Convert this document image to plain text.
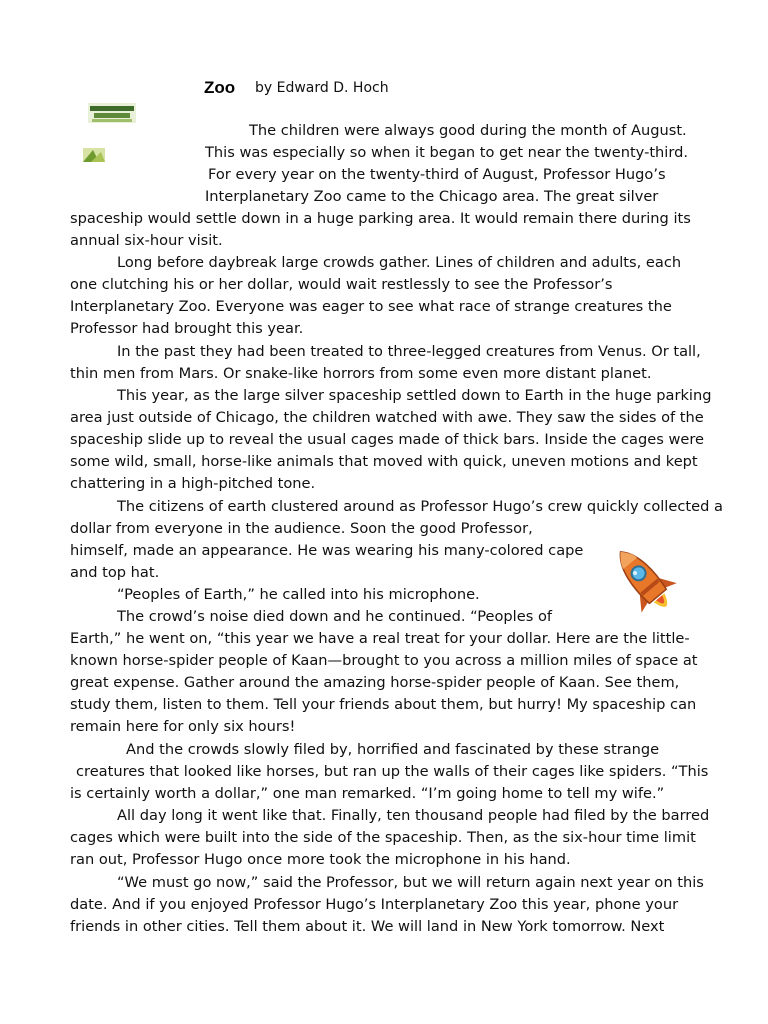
Zoo by Edward D. Hoch
The children were always good during the month of August.
This was especially so when it began to get near the twenty-third.
For every year on the twenty-third of August, Professor Hugo’s
Interplanetary Zoo came to the Chicago area. The great silver
spaceship would settle down in a huge parking area. It would remain there during its
annual six-hour visit.
Long before daybreak large crowds gather. Lines of children and adults, each
one clutching his or her dollar, would wait restlessly to see the Professor’s
Interplanetary Zoo. Everyone was eager to see what race of strange creatures the
Professor had brought this year.
In the past they had been treated to three-legged creatures from Venus. Or tall,
thin men from Mars. Or snake-like horrors from some even more distant planet.
This year, as the large silver spaceship settled down to Earth in the huge parking
area just outside of Chicago, the children watched with awe. They saw the sides of the
spaceship slide up to reveal the usual cages made of thick bars. Inside the cages were
some wild, small, horse-like animals that moved with quick, uneven motions and kept
chattering in a high-pitched tone.
The citizens of earth clustered around as Professor Hugo’s crew quickly collected a
dollar from everyone in the audience. Soon the good Professor,
himself, made an appearance. He was wearing his many-colored cape
and top hat.
“Peoples of Earth,” he called into his microphone.
The crowd’s noise died down and he continued. “Peoples of
Earth,” he went on, “this year we have a real treat for your dollar. Here are the little-
known horse-spider people of Kaan—brought to you across a million miles of space at
great expense. Gather around the amazing horse-spider people of Kaan. See them,
study them, listen to them. Tell your friends about them, but hurry! My spaceship can
remain here for only six hours!
And the crowds slowly filed by, horrified and fascinated by these strange
creatures that looked like horses, but ran up the walls of their cages like spiders. “This
is certainly worth a dollar,” one man remarked. “I’m going home to tell my wife.”
All day long it went like that. Finally, ten thousand people had filed by the barred
cages which were built into the side of the spaceship. Then, as the six-hour time limit
ran out, Professor Hugo once more took the microphone in his hand.
“We must go now,” said the Professor, but we will return again next year on this
date. And if you enjoyed Professor Hugo’s Interplanetary Zoo this year, phone your
friends in other cities. Tell them about it. We will land in New York tomorrow. Next
